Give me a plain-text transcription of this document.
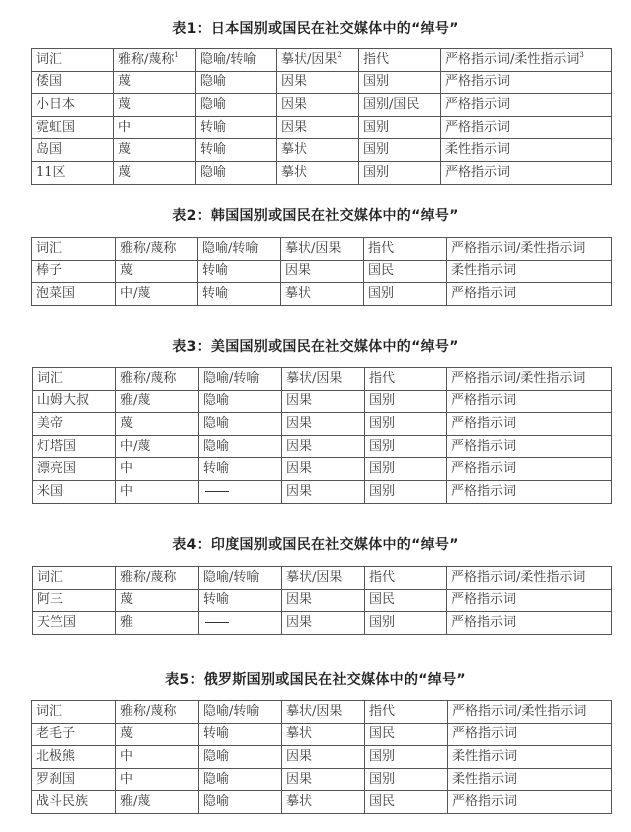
表1：日本国别或国民在社交媒体中的“绰号”
词汇	雅称/蔑称$^1$	隐喻/转喻	摹状/因果$^2$	指代	严格指示词/柔性指示词$^3$
倭国	蔑	隐喻	因果	国别	严格指示词
小日本	蔑	隐喻	因果	国别/国民	严格指示词
霓虹国	中	转喻	因果	国别	严格指示词
岛国	蔑	转喻	摹状	国别	柔性指示词
11区	蔑	隐喻	摹状	国别	严格指示词
表2：韩国国别或国民在社交媒体中的“绰号”
词汇	雅称/蔑称	隐喻/转喻	摹状/因果	指代	严格指示词/柔性指示词
棒子	蔑	转喻	因果	国民	柔性指示词
泡菜国	中/蔑	转喻	摹状	国别	严格指示词
表3：美国国别或国民在社交媒体中的“绰号”
词汇	雅称/蔑称	隐喻/转喻	摹状/因果	指代	严格指示词/柔性指示词
山姆大叔	雅/蔑	隐喻	因果	国别	严格指示词
美帝	蔑	隐喻	因果	国别	严格指示词
灯塔国	中/蔑	隐喻	因果	国别	严格指示词
漂亮国	中	转喻	因果	国别	严格指示词
米国	中		因果	国别	严格指示词
表4：印度国别或国民在社交媒体中的“绰号”
词汇	雅称/蔑称	隐喻/转喻	摹状/因果	指代	严格指示词/柔性指示词
阿三	蔑	转喻	因果	国民	严格指示词
天竺国	雅		因果	国别	严格指示词
表5：俄罗斯国别或国民在社交媒体中的“绰号”
词汇	雅称/蔑称	隐喻/转喻	摹状/因果	指代	严格指示词/柔性指示词
老毛子	蔑	转喻	摹状	国民	严格指示词
北极熊	中	隐喻	因果	国别	柔性指示词
罗刹国	中	隐喻	因果	国别	柔性指示词
战斗民族	雅/蔑	隐喻	摹状	国民	严格指示词
